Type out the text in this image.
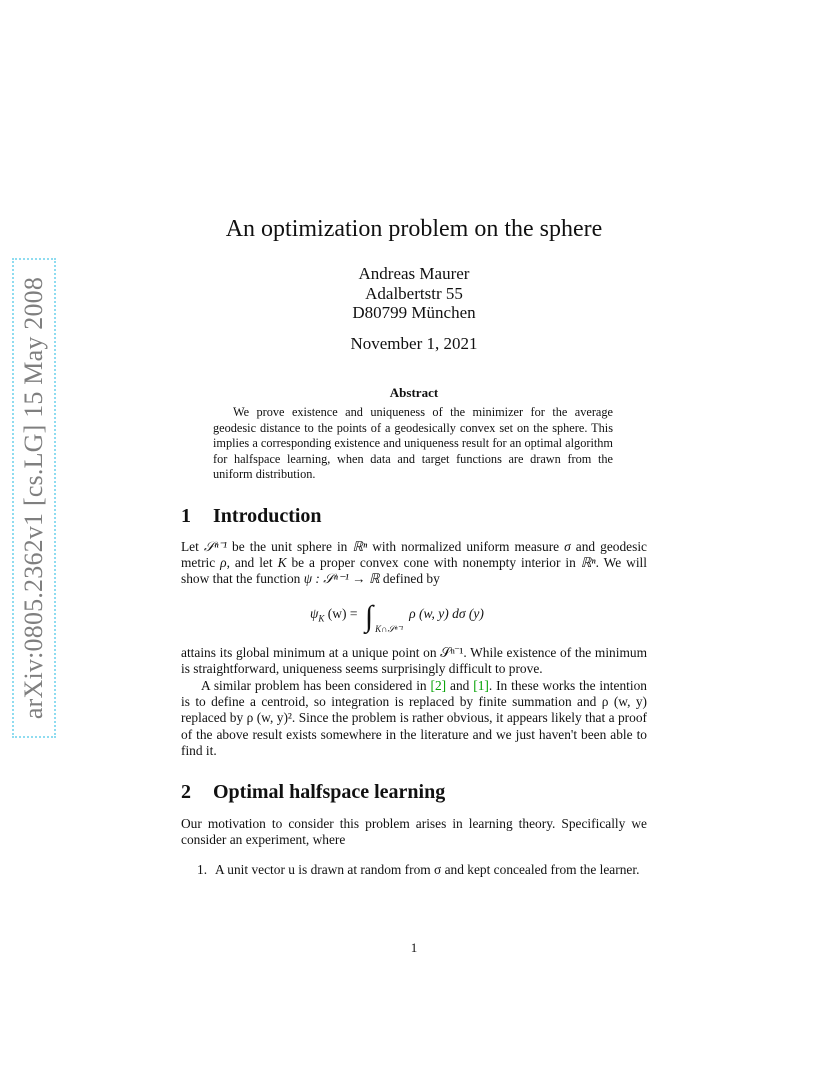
arXiv:0805.2362v1 [cs.LG] 15 May 2008
An optimization problem on the sphere
Andreas Maurer
Adalbertstr 55
D80799 München
November 1, 2021
Abstract
We prove existence and uniqueness of the minimizer for the average geodesic distance to the points of a geodesically convex set on the sphere. This implies a corresponding existence and uniqueness result for an optimal algorithm for halfspace learning, when data and target functions are drawn from the uniform distribution.
1 Introduction
Let 𝒮ⁿ⁻¹ be the unit sphere in ℝⁿ with normalized uniform measure σ and geodesic metric ρ, and let K be a proper convex cone with nonempty interior in ℝⁿ. We will show that the function ψ : 𝒮ⁿ⁻¹ → ℝ defined by
$\psi_K$ (w) = ∫ $_{K\cap 𝒮^{n-1}}$ρ (w, y) dσ (y)
attains its global minimum at a unique point on 𝒮ⁿ⁻¹. While existence of the minimum is straightforward, uniqueness seems surprisingly difficult to prove.
A similar problem has been considered in [2] and [1]. In these works the intention is to define a centroid, so integration is replaced by finite summation and ρ (w, y) replaced by ρ (w, y)². Since the problem is rather obvious, it appears likely that a proof of the above result exists somewhere in the literature and we just haven't been able to find it.
2 Optimal halfspace learning
Our motivation to consider this problem arises in learning theory. Specifically we consider an experiment, where
1. A unit vector u is drawn at random from σ and kept concealed from the learner.
1
